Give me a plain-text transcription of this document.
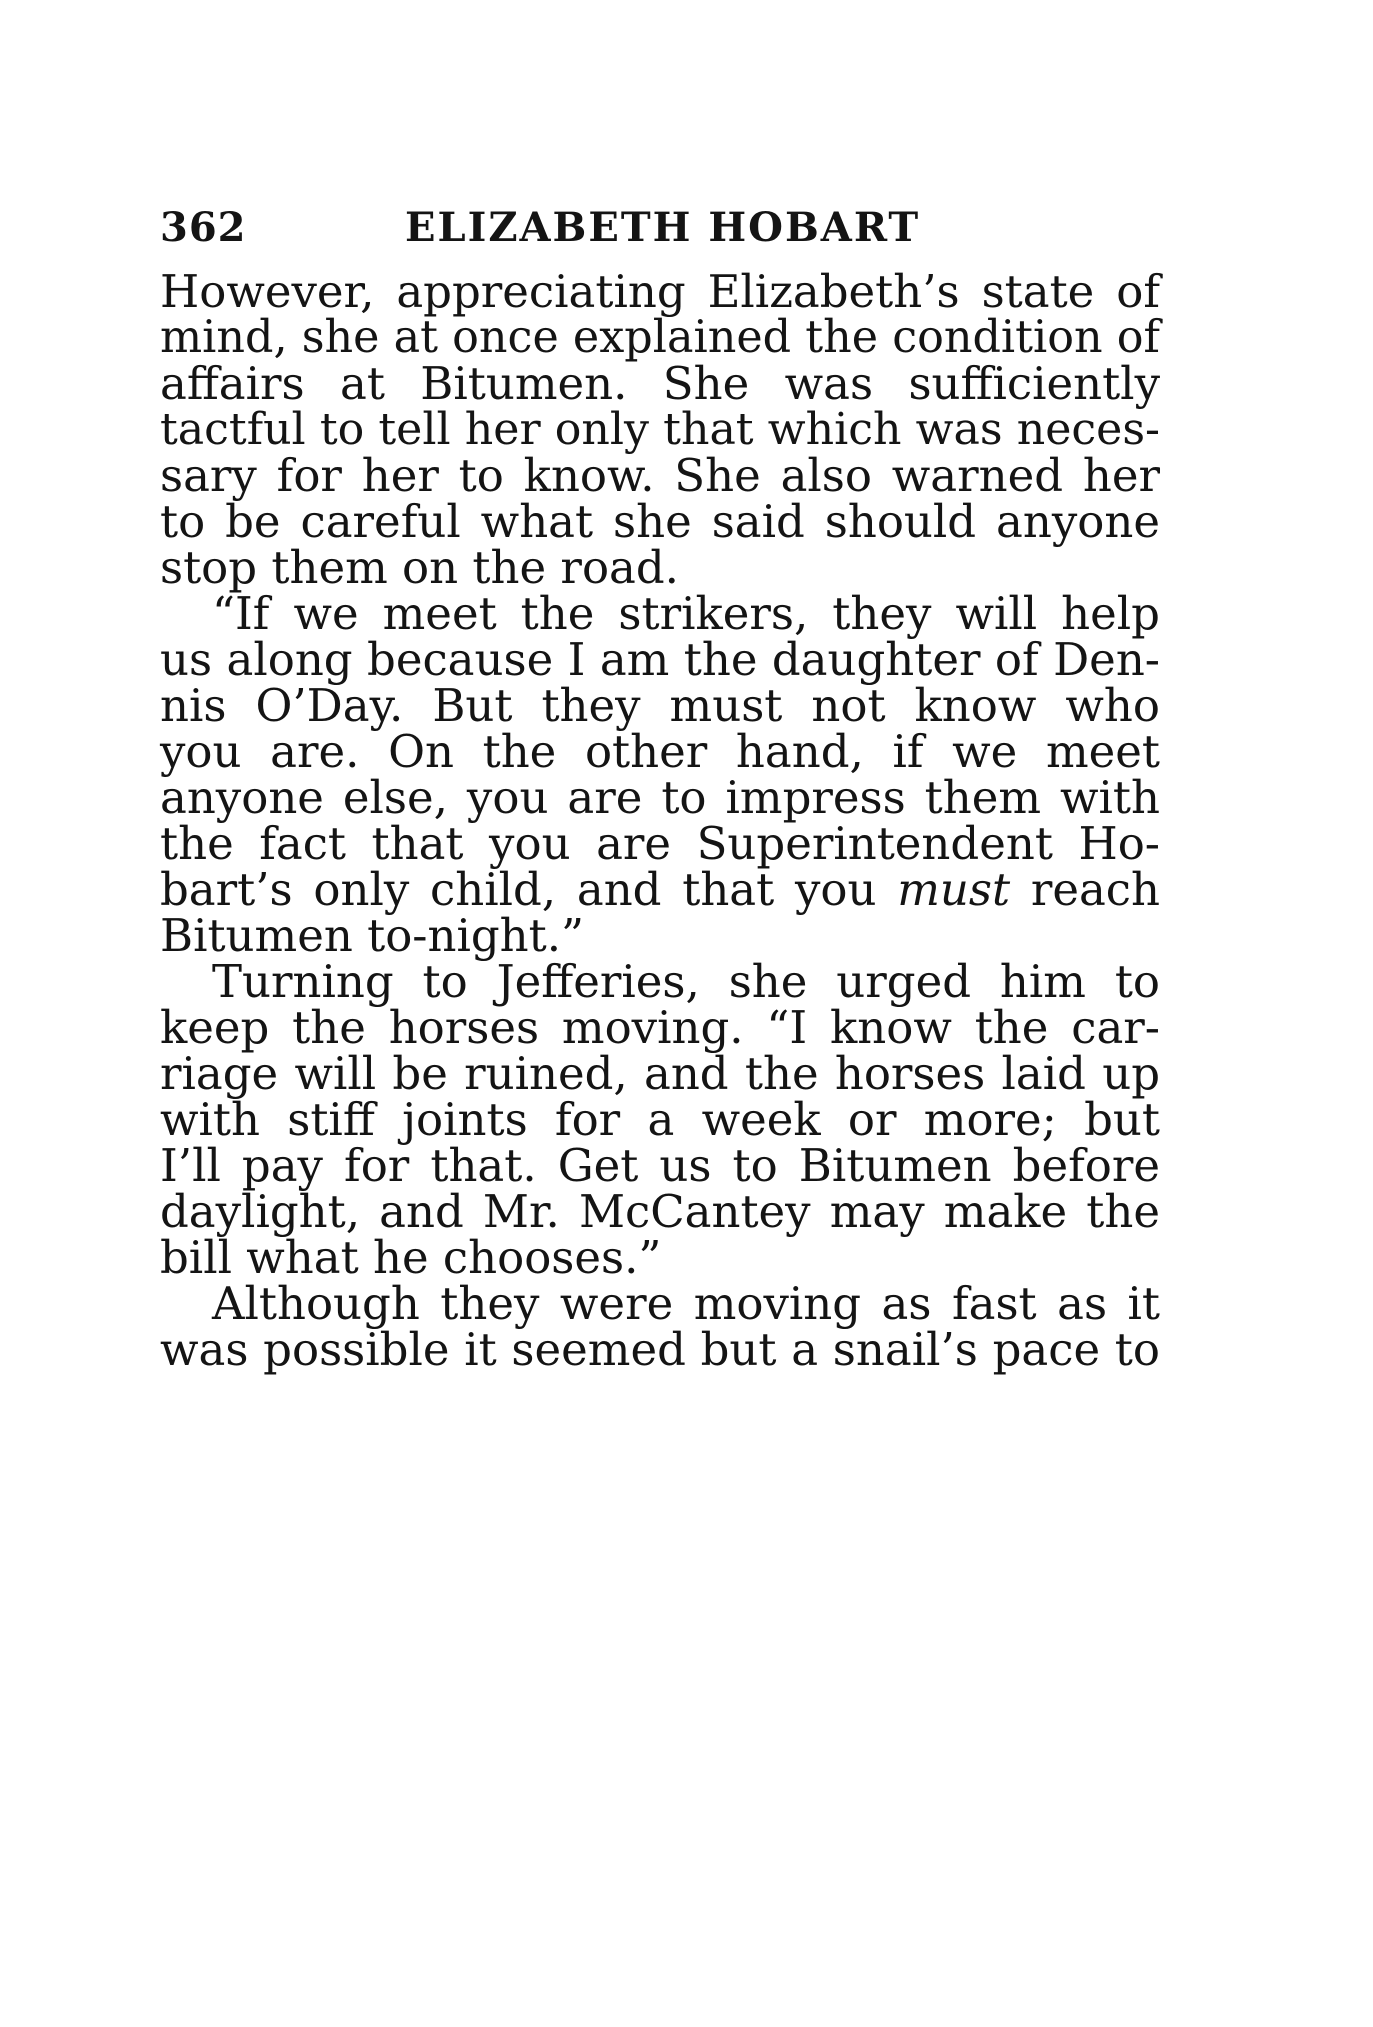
362	ELIZABETH HOBART
However, appreciating Elizabeth’s state of
mind, she at once explained the condition of
affairs at Bitumen. She was sufficiently
tactful to tell her only that which was neces-
sary for her to know. She also warned her
to be careful what she said should anyone
stop them on the road.
“If we meet the strikers, they will help
us along because I am the daughter of Den-
nis O’Day. But they must not know who
you are. On the other hand, if we meet
anyone else, you are to impress them with
the fact that you are Superintendent Ho-
bart’s only child, and that you must reach
Bitumen to-night.”
Turning to Jefferies, she urged him to
keep the horses moving. “I know the car-
riage will be ruined, and the horses laid up
with stiff joints for a week or more; but
I’ll pay for that. Get us to Bitumen before
daylight, and Mr. McCantey may make the
bill what he chooses.”
Although they were moving as fast as it
was possible it seemed but a snail’s pace to
